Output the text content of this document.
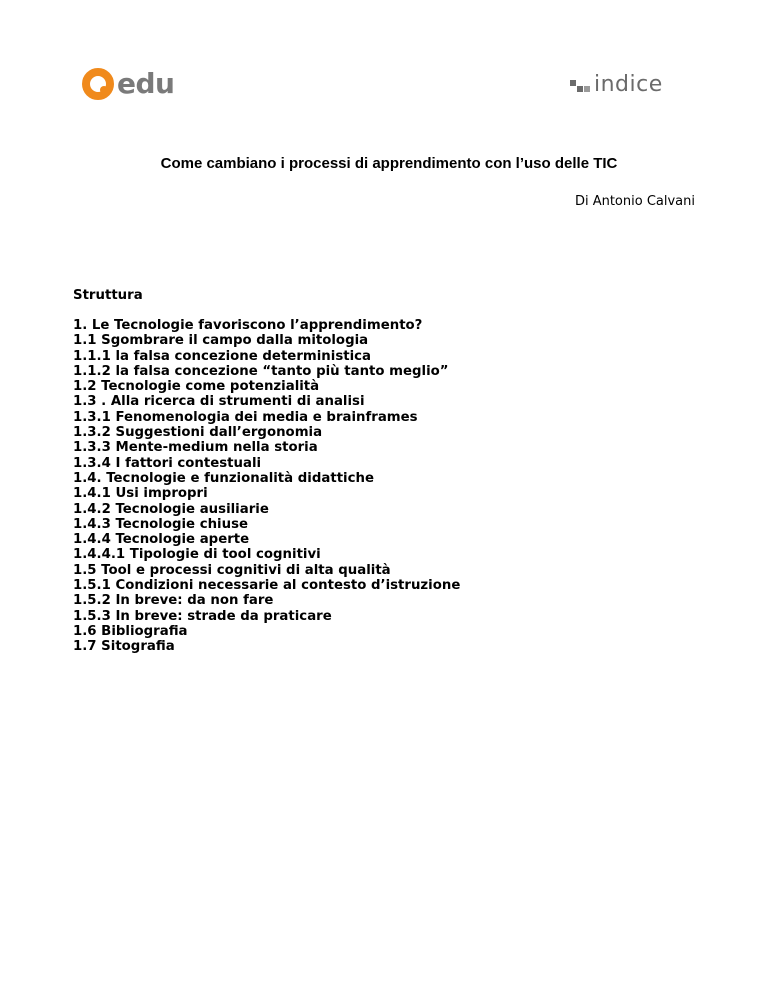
edu	indiсe
Come cambiano i processi di apprendimento con l’uso delle TIC
Di Antonio Calvani
Struttura
1. Le Tecnologie favoriscono l’apprendimento?
1.1 Sgombrare il campo dalla mitologia
1.1.1 la falsa concezione deterministica
1.1.2 la falsa concezione “tanto più tanto meglio”
1.2 Tecnologie come potenzialità
1.3 . Alla ricerca di strumenti di analisi
1.3.1 Fenomenologia dei media e brainframes
1.3.2 Suggestioni dall’ergonomia
1.3.3 Mente-medium nella storia
1.3.4 I fattori contestuali
1.4. Tecnologie e funzionalità didattiche
1.4.1 Usi impropri
1.4.2 Tecnologie ausiliarie
1.4.3 Tecnologie chiuse
1.4.4 Tecnologie aperte
1.4.4.1 Tipologie di tool cognitivi
1.5 Tool e processi cognitivi di alta qualità
1.5.1 Condizioni necessarie al contesto d’istruzione
1.5.2 In breve: da non fare
1.5.3 In breve: strade da praticare
1.6 Bibliografia
1.7 Sitografia
